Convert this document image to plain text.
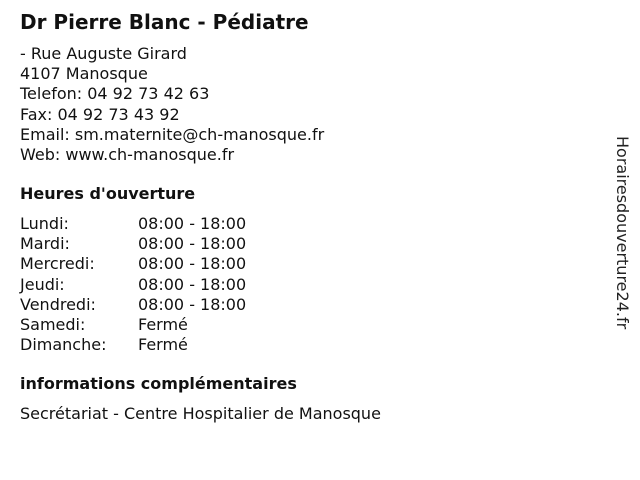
Dr Pierre Blanc - Pédiatre
- Rue Auguste Girard
4107 Manosque
Telefon: 04 92 73 42 63
Fax: 04 92 73 43 92
Email: sm.maternite@ch-manosque.fr
Web: www.ch-manosque.fr
Heures d'ouverture
Lundi:	08:00 - 18:00
Mardi:	08:00 - 18:00
Mercredi:	08:00 - 18:00
Jeudi:	08:00 - 18:00
Vendredi:	08:00 - 18:00
Samedi:	Fermé
Dimanche: Fermé
informations complémentaires
Secrétariat - Centre Hospitalier de Manosque
Horairesdouverture24.fr
